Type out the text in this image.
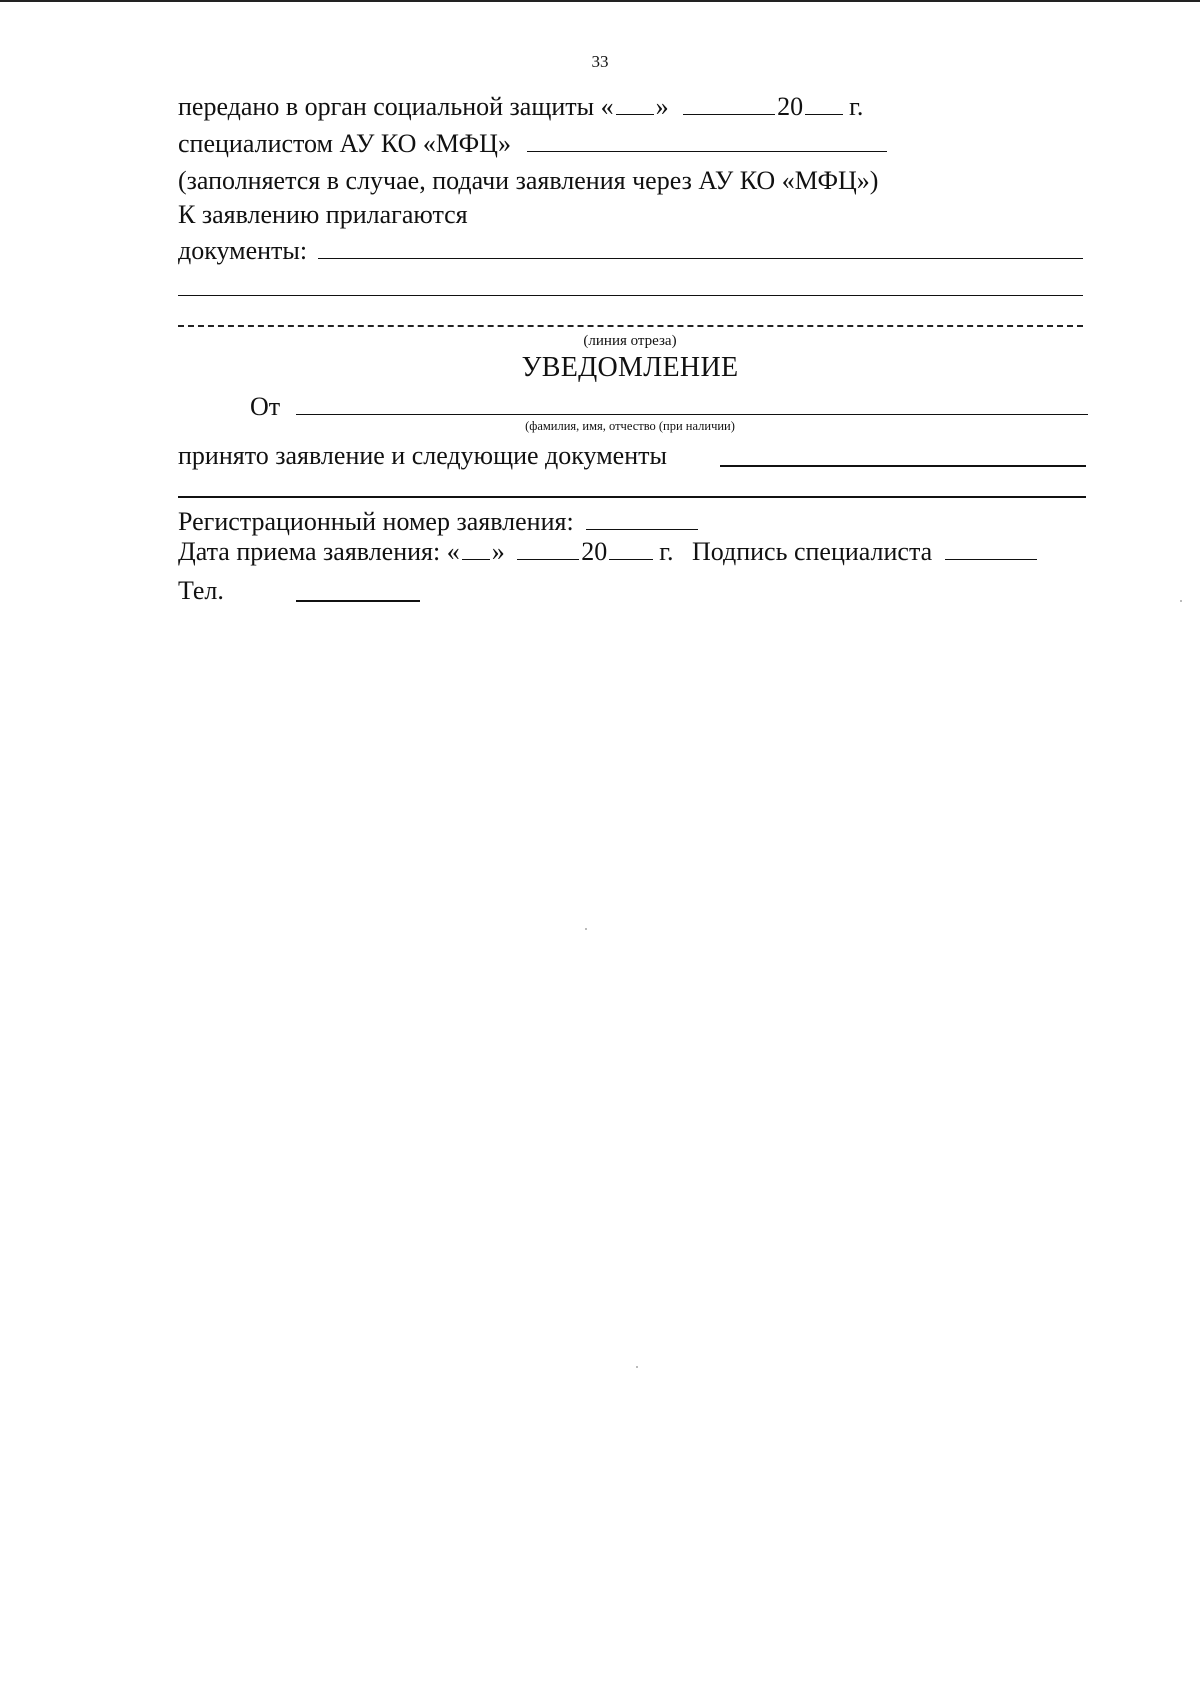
33
передано в орган социальной защиты « »	20 г.
специалистом АУ КО «МФЦ»
(заполняется в случае, подачи заявления через АУ КО «МФЦ»)
К заявлению прилагаются
документы:
(линия отреза)
УВЕДОМЛЕНИЕ
От
(фамилия, имя, отчество (при наличии)
принято заявление и следующие документы
Регистрационный номер заявления:
Дата приема заявления: « »	20 г. Подпись специалиста
Тел.
